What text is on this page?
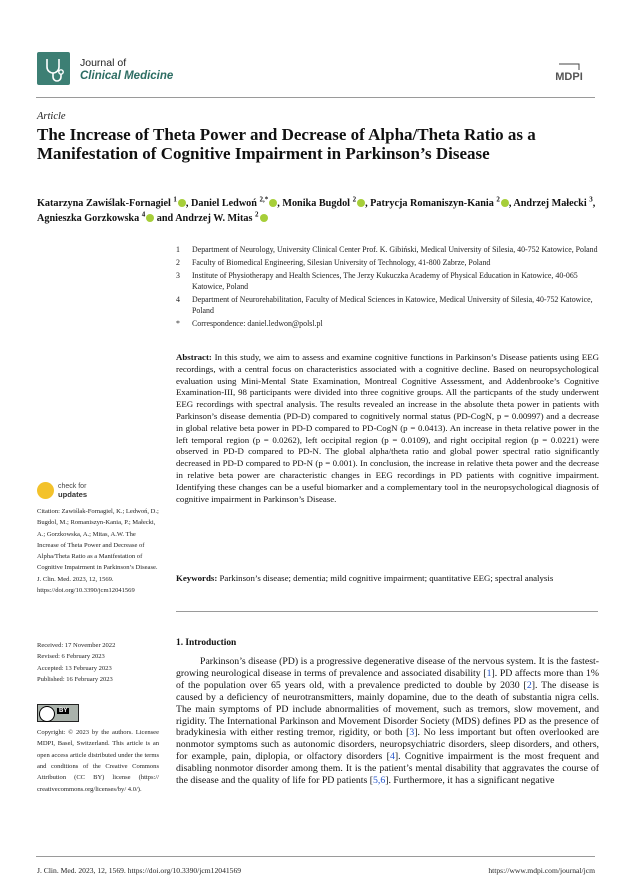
Journal of
Clinical Medicine	MDPI
Article
The Increase of Theta Power and Decrease of Alpha/Theta Ratio as a Manifestation of Cognitive Impairment in Parkinson’s Disease
Katarzyna Zawiślak-Fornagiel $^1$ , Daniel Ledwoń $^{2,*}$ , Monika Bugdol $^2$ , Patrycja Romaniszyn-Kania $^2$ , Andrzej Małecki $^3$, Agnieszka Gorzkowska $^4$ and Andrzej W. Mitas $^2$
1	Department of Neurology, University Clinical Center Prof. K. Gibiński, Medical University of Silesia, 40-752 Katowice, Poland
2	Faculty of Biomedical Engineering, Silesian University of Technology, 41-800 Zabrze, Poland
3	Institute of Physiotherapy and Health Sciences, The Jerzy Kukuczka Academy of Physical Education in Katowice, 40-065 Katowice, Poland
4	Department of Neurorehabilitation, Faculty of Medical Sciences in Katowice, Medical University of Silesia, 40-752 Katowice, Poland
*	Correspondence: daniel.ledwon@polsl.pl

Abstract: In this study, we aim to assess and examine cognitive functions in Parkinson’s Disease patients using EEG recordings, with a central focus on characteristics associated with a cognitive decline. Based on neuropsychological evaluation using Mini-Mental State Examination, Montreal Cognitive Assessment, and Addenbrooke’s Cognitive Examination-III, 98 participants were divided into three cognitive groups. All the particpants of the study underwent EEG recordings with spectral analysis. The results revealed an increase in the absolute theta power in patients with Parkinson’s disease dementia (PD-D) compared to cognitively normal status (PD-CogN, p = 0.00997) and a decrease in global relative beta power in PD-D compared to PD-CogN (p = 0.0413). An increase in theta relative power in the left temporal region (p = 0.0262), left occipital region (p = 0.0109), and right occipital region (p = 0.0221) were observed in PD-D compared to PD-N. The global alpha/theta ratio and global power spectral ratio significantly decreased in PD-D compared to PD-N (p = 0.001). In conclusion, the increase in relative theta power and the decrease in relative beta power are characteristic changes in EEG recordings in PD patients with cognitive impairment. Identifying these changes can be a useful biomarker and a complementary tool in the neuropsychological diagnosis of cognitive impairment in Parkinson’s Disease.

Keywords: Parkinson’s disease; dementia; mild cognitive impairment; quantitative EEG; spectral analysis

1. Introduction

Parkinson’s disease (PD) is a progressive degenerative disease of the nervous system. It is the fastest-growing neurological disease in terms of prevalence and associated disability [1]. PD affects more than 1% of the population over 65 years old, with a prevalence predicted to double by 2030 [2]. The disease is caused by a deficiency of neurotransmitters, mainly dopamine, due to the death of substantia nigra cells. The main symptoms of PD include abnormalities of movement, such as tremors, slow movement, and rigidity. The International Parkinson and Movement Disorder Society (MDS) defines PD as the presence of bradykinesia with either resting tremor, rigidity, or both [3]. No less important but often overlooked are nonmotor symptoms such as autonomic disorders, neuropsychiatric disorders, sleep disorders, and others, for example, pain, diplopia, or olfactory disorders [4]. Cognitive impairment is the most frequent and disabling nonmotor disorder among them. It is the patient’s mental disability that aggravates the course of the disease and the quality of life for PD patients [5,6]. Furthermore, it has a significant negative

check for
updates

Citation: Zawiślak-Fornagiel, K.; Ledwoń, D.; Bugdol, M.; Romaniszyn-Kania, P.; Małecki, A.; Gorzkowska, A.; Mitas, A.W. The Increase of Theta Power and Decrease of Alpha/Theta Ratio as a Manifestation of Cognitive Impairment in Parkinson’s Disease. J. Clin. Med. 2023, 12, 1569. https://doi.org/10.3390/jcm12041569

Received: 17 November 2022
Revised: 6 February 2023
Accepted: 13 February 2023
Published: 16 February 2023
BY

Copyright: © 2023 by the authors. Licensee MDPI, Basel, Switzerland. This article is an open access article distributed under the terms and conditions of the Creative Commons Attribution (CC BY) license (https:// creativecommons.org/licenses/by/ 4.0/).

J. Clin. Med. 2023, 12, 1569. https://doi.org/10.3390/jcm12041569	https://www.mdpi.com/journal/jcm
